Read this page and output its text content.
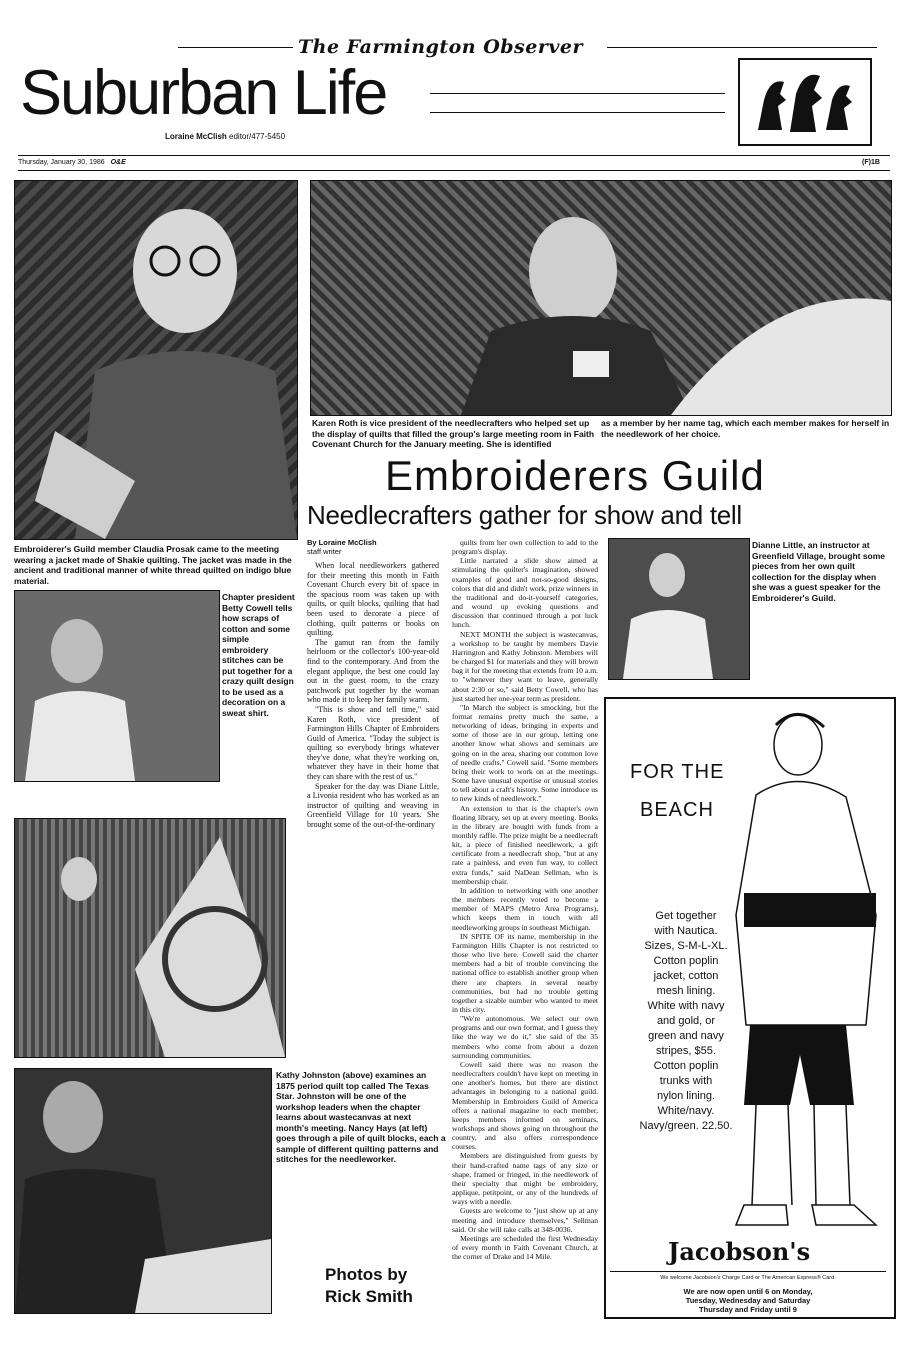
The Farmington Observer
Suburban Life
Loraine McClish editor/477-5450
Thursday, January 30, 1986 O&E	(F)1B
Embroiderer's Guild member Claudia Prosak came to the meeting wearing a jacket made of Shakie quilting. The jacket was made in the ancient and traditional manner of white thread quilted on indigo blue material.
Karen Roth is vice president of the needlecrafters who helped set up the display of quilts that filled the group's large meeting room in Faith Covenant Church for the January meeting. She is identified
as a member by her name tag, which each member makes for herself in the needlework of her choice.
Embroiderers Guild
Needlecrafters gather for show and tell
Chapter president Betty Cowell tells how scraps of cotton and some simple embroidery stitches can be put together for a crazy quilt design to be used as a decoration on a sweat shirt.
Dianne Little, an instructor at Greenfield Village, brought some pieces from her own quilt collection for the display when she was a guest speaker for the Embroiderer's Guild.
Kathy Johnston (above) examines an 1875 period quilt top called The Texas Star. Johnston will be one of the workshop leaders when the chapter learns about wastecanvas at next month's meeting. Nancy Hays (at left) goes through a pile of quilt blocks, each a sample of different quilting patterns and stitches for the needleworker.
Photos by
Rick Smith
By Loraine McClish
staff writer

When local needleworkers gathered for their meeting this month in Faith Covenant Church every bit of space in the spacious room was taken up with quilts, or quilt blocks, quilting that had been used to decorate a piece of clothing, quilt patterns or books on quilting.

The gamut ran from the family heirloom or the collector's 100-year-old find to the contemporary. And from the elegant applique, the best one could lay out in the guest room, to the crazy patchwork put together by the woman who made it to keep her family warm.

"This is show and tell time," said Karen Roth, vice president of Farmington Hills Chapter of Embroiders Guild of America. "Today the subject is quilting so everybody brings whatever they've done, what they're working on, whatever they have in their home that they can share with the rest of us."

Speaker for the day was Diane Little, a Livonia resident who has worked as an instructor of quilting and weaving in Greenfield Village for 10 years. She brought some of the out-of-the-ordinary

quilts from her own collection to add to the program's display.

Little narrated a slide show aimed at stimulating the quilter's imagination, showed examples of good and not-so-good designs, colors that did and didn't work, prize winners in the traditional and do-it-yourself categories, and wound up evoking questions and discussion that continued through a pot luck lunch.

NEXT MONTH the subject is wastecanvas, a workshop to be taught by members Davie Harrington and Kathy Johnston. Members will be charged $1 for materials and they will brown bag it for the meeting that extends from 10 a.m. to "whenever they want to leave, generally about 2:30 or so," said Betty Cowell, who has just started her one-year term as president.

"In March the subject is smocking, but the format remains pretty much the same, a networking of ideas, bringing in experts and some of those are in our group, letting one another know what shows and seminars are going on in the area, sharing our common love of needle crafts," Cowell said. "Some members bring their work to work on at the meetings. Some have unusual expertise or unusual stories to tell about a craft's history. Some introduce us to new kinds of needlework."

An extension to that is the chapter's own floating library, set up at every meeting. Books in the library are bought with funds from a monthly raffle. The prize might be a needlecraft kit, a piece of finished needlework, a gift certificate from a needlecraft shop, "but at any rate a painless, and even fun way, to collect extra funds," said NaDean Sellman, who is membership chair.

In addition to networking with one another the members recently voted to become a member of MAPS (Metro Area Programs), which keeps them in touch with all needleworking groups in southeast Michigan.

IN SPITE OF its name, membership in the Farmington Hills Chapter is not restricted to those who live here. Cowell said the charter members had a bit of trouble convincing the national office to establish another group when there are chapters in several nearby communities, but had no trouble getting together a sizable number who wanted to meet in this city.

"We're autonomous. We select our own programs and our own format, and I guess they like the way we do it," she said of the 35 members who come from about a dozen surrounding communities.

Cowell said there was no reason the needlecrafters couldn't have kept on meeting in one another's homes, but there are distinct advantages in belonging to a national guild. Membership in Embroiders Guild of America offers a national magazine to each member, keeps members informed on seminars, workshops and shows going on throughout the country, and also offers correspondence courses.

Members are distinguished from guests by their hand-crafted name tags of any size or shape, framed or fringed, in the needlework of their specialty that might be embroidery, applique, petitpoint, or any of the hundreds of ways with a needle.

Guests are welcome to "just show up at any meeting and introduce themselves," Sellman said. Or she will take calls at 348-0036.

Meetings are scheduled the first Wednesday of every month in Faith Covenant Church, at the corner of Drake and 14 Mile.

FOR THE
BEACH
Get together
with Nautica.
Sizes, S-M-L-XL.
Cotton poplin
jacket, cotton
mesh lining.
White with navy
and gold, or
green and navy
stripes, $55.
Cotton poplin
trunks with
nylon lining.
White/navy.
Navy/green. 22.50.
Jacobson's
We welcome Jacobson's Charge Card or The American Express® Card.
We are now open until 6 on Monday,
Tuesday, Wednesday and Saturday
Thursday and Friday until 9
